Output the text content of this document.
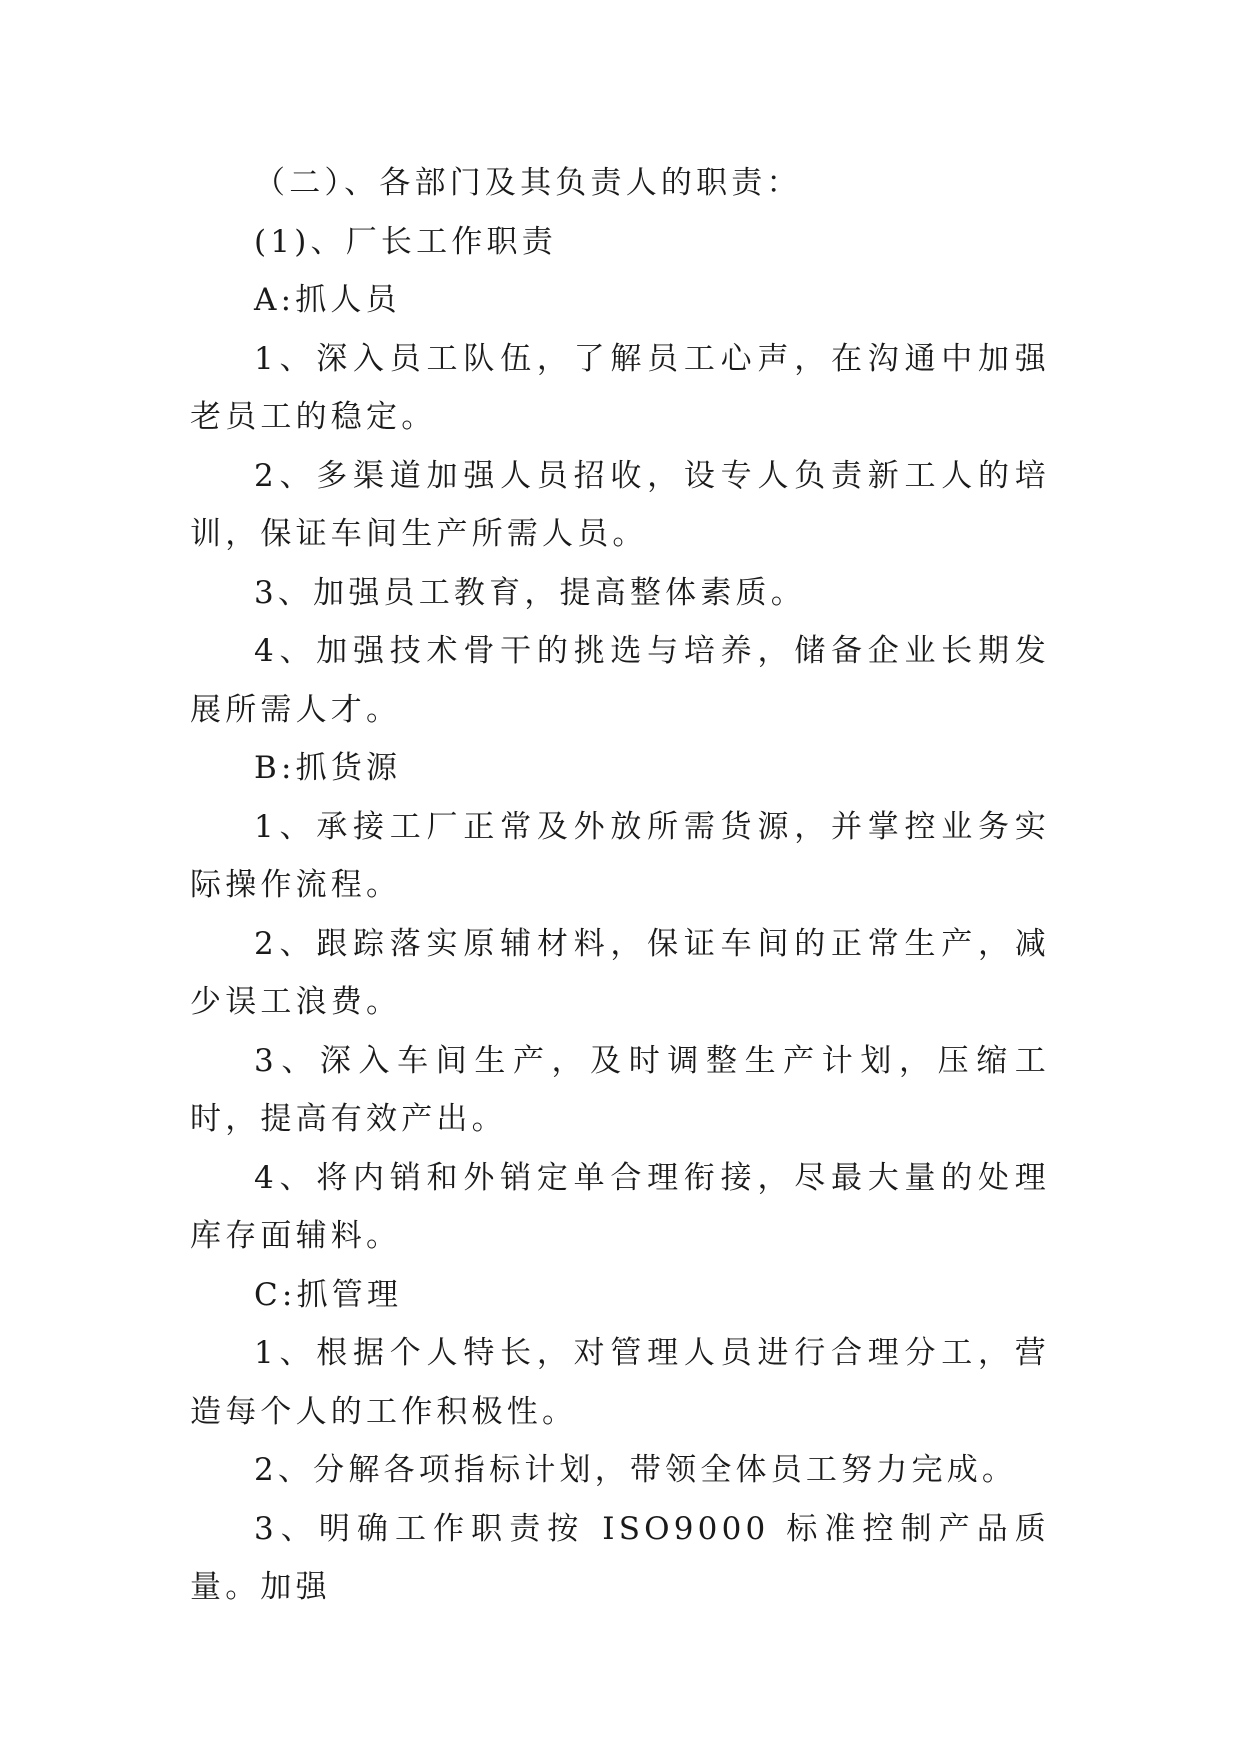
（二）、各部门及其负责人的职责：

(1)、厂长工作职责

A:抓人员

1、深入员工队伍，了解员工心声，在沟通中加强老员工的稳定。

2、多渠道加强人员招收，设专人负责新工人的培训，保证车间生产所需人员。

3、加强员工教育，提高整体素质。

4、加强技术骨干的挑选与培养，储备企业长期发展所需人才。

B:抓货源

1、承接工厂正常及外放所需货源，并掌控业务实际操作流程。

2、跟踪落实原辅材料，保证车间的正常生产，减少误工浪费。

3、深入车间生产，及时调整生产计划，压缩工时，提高有效产出。

4、将内销和外销定单合理衔接，尽最大量的处理库存面辅料。

C:抓管理

1、根据个人特长，对管理人员进行合理分工，营造每个人的工作积极性。

2、分解各项指标计划，带领全体员工努力完成。

3、明确工作职责按 ISO9000 标准控制产品质量。加强
